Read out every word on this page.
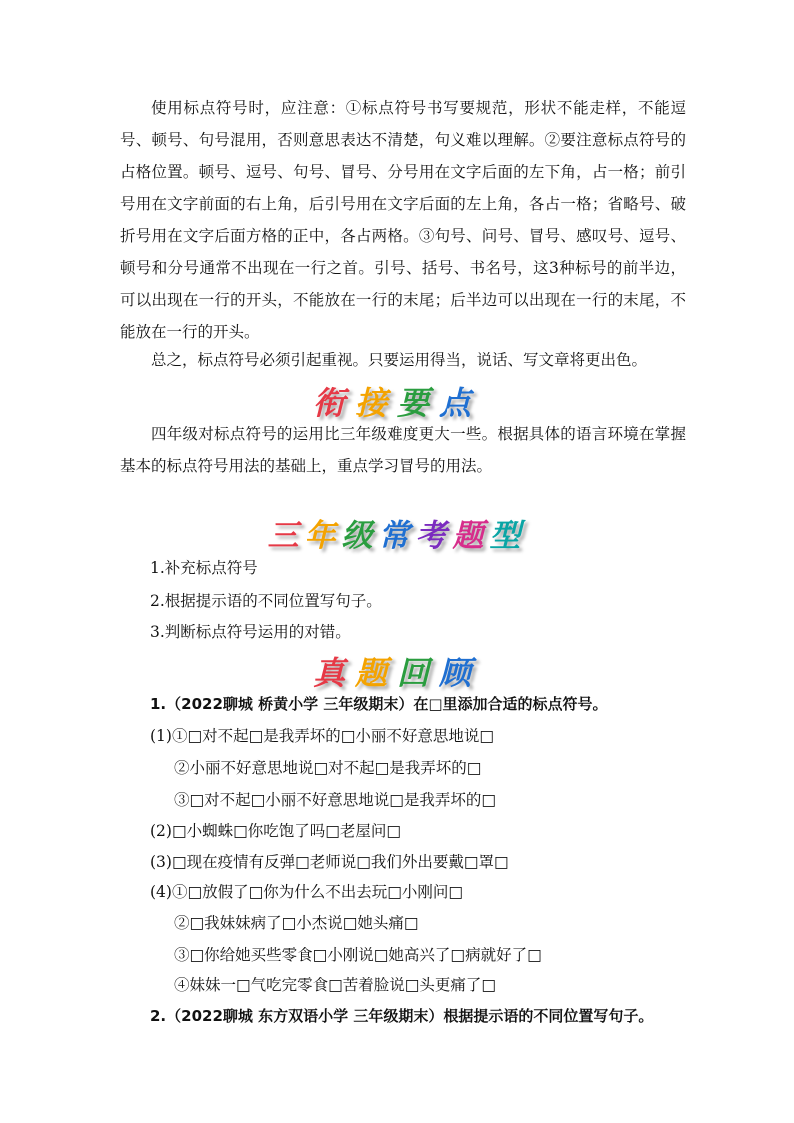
使用标点符号时，应注意：①标点符号书写要规范，形状不能走样，不能逗号、顿号、句号混用，否则意思表达不清楚，句义难以理解。②要注意标点符号的占格位置。顿号、逗号、句号、冒号、分号用在文字后面的左下角，占一格；前引号用在文字前面的右上角，后引号用在文字后面的左上角，各占一格；省略号、破折号用在文字后面方格的正中，各占两格。③句号、问号、冒号、感叹号、逗号、顿号和分号通常不出现在一行之首。引号、括号、书名号，这3种标号的前半边，可以出现在一行的开头，不能放在一行的末尾；后半边可以出现在一行的末尾，不能放在一行的开头。

总之，标点符号必须引起重视。只要运用得当，说话、写文章将更出色。

衔接要点

四年级对标点符号的运用比三年级难度更大一些。根据具体的语言环境在掌握基本的标点符号用法的基础上，重点学习冒号的用法。

三年级常考题型
1.补充标点符号
2.根据提示语的不同位置写句子。
3.判断标点符号运用的对错。
真题回顾
1.（2022聊城 桥黄小学 三年级期末）在□里添加合适的标点符号。
(1)①□对不起□是我弄坏的□小丽不好意思地说□
②小丽不好意思地说□对不起□是我弄坏的□
③□对不起□小丽不好意思地说□是我弄坏的□
(2)□小蜘蛛□你吃饱了吗□老屋问□
(3)□现在疫情有反弹□老师说□我们外出要戴□罩□
(4)①□放假了□你为什么不出去玩□小刚问□
②□我妹妹病了□小杰说□她头痛□
③□你给她买些零食□小刚说□她高兴了□病就好了□
④妹妹一□气吃完零食□苦着脸说□头更痛了□
2.（2022聊城 东方双语小学 三年级期末）根据提示语的不同位置写句子。
